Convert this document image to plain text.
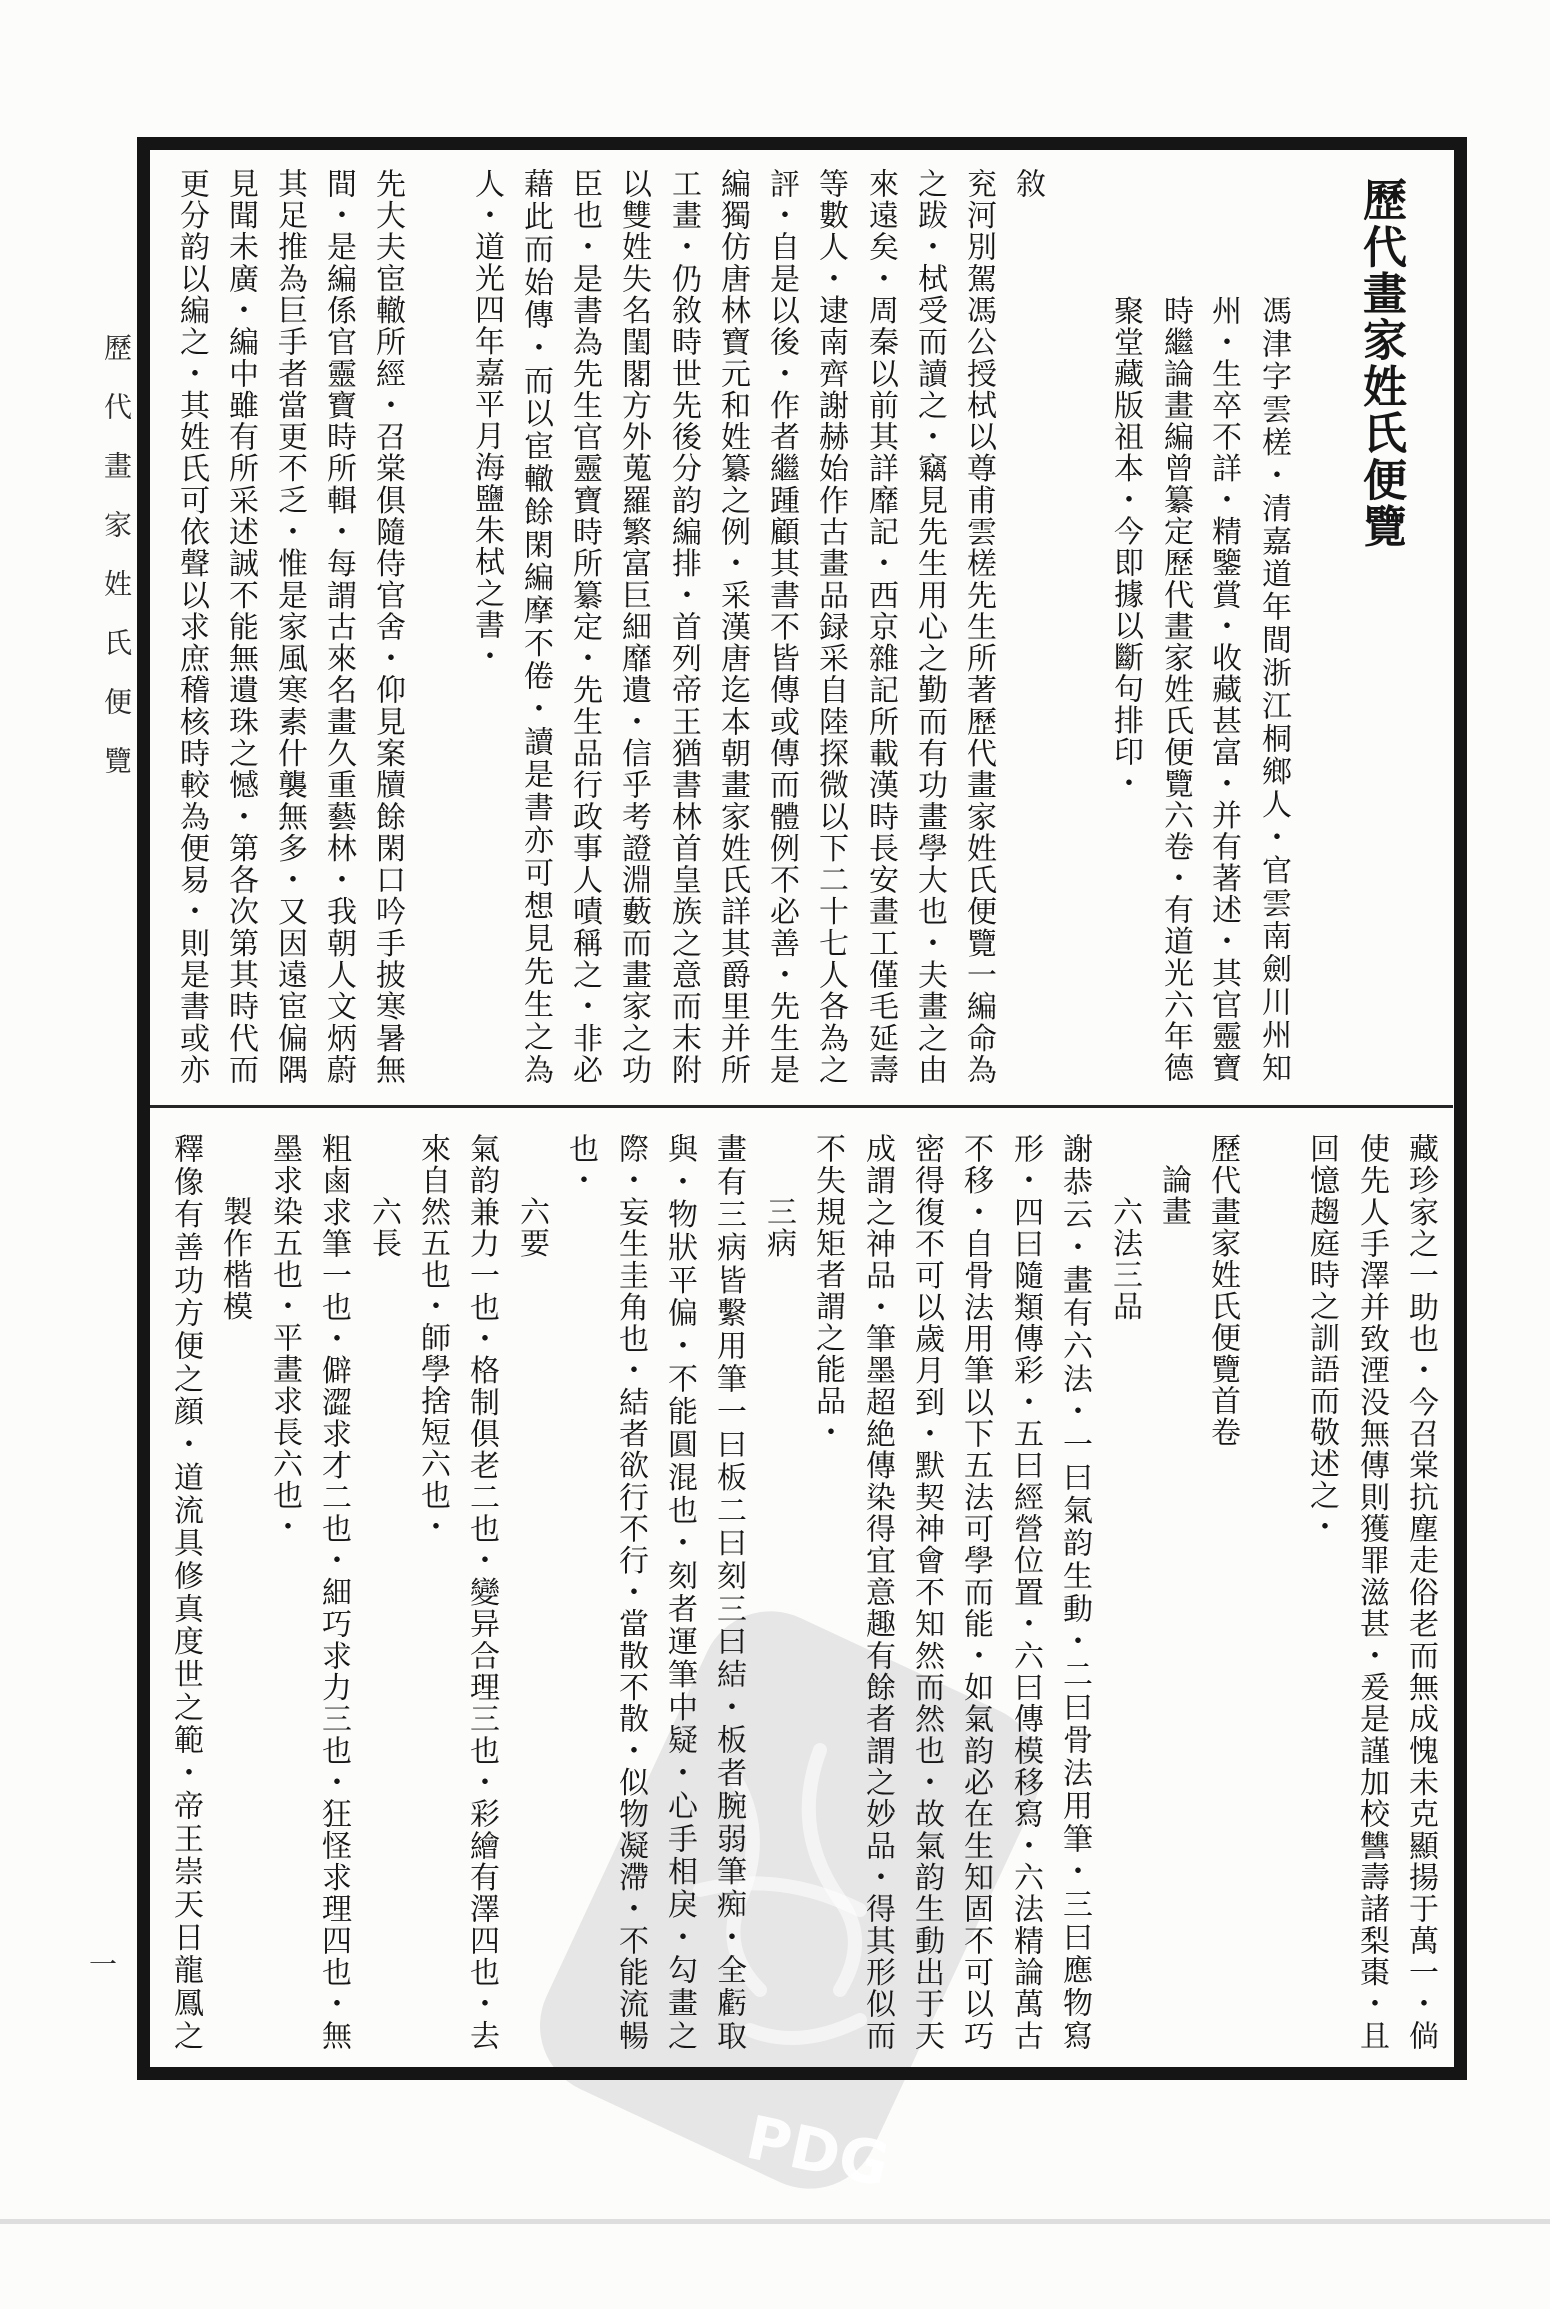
PDG
歷代畫家姓氏便覽
一
歷代畫家姓氏便覽
馮津字雲槎・清嘉道年間浙江桐鄉人・官雲南劍川州知
州・生卒不詳・精鑒賞・收藏甚富・并有著述・其官靈寶
時繼論畫編曾纂定歷代畫家姓氏便覽六卷・有道光六年德
聚堂藏版祖本・今即據以斷句排印・
敘
兖河別駕馮公授栻以尊甫雲槎先生所著歷代畫家姓氏便覽一編命為
之跋・栻受而讀之・竊見先生用心之勤而有功畫學大也・夫畫之由
來遠矣・周秦以前其詳靡記・西京雜記所載漢時長安畫工僅毛延壽
等數人・逮南齊謝赫始作古畫品録采自陸探微以下二十七人各為之
評・自是以後・作者繼踵顧其書不皆傳或傳而體例不必善・先生是
編獨仿唐林寶元和姓纂之例・采漢唐迄本朝畫家姓氏詳其爵里并所
工畫・仍敘時世先後分韵編排・首列帝王猶書林首皇族之意而末附
以雙姓失名閨閣方外蒐羅繁富巨細靡遺・信乎考證淵藪而畫家之功
臣也・是書為先生官靈寶時所纂定・先生品行政事人嘖稱之・非必
藉此而始傳・而以宦轍餘閑編摩不倦・讀是書亦可想見先生之為
人・道光四年嘉平月海鹽朱栻之書・
先大夫宦轍所經・召棠俱隨侍官舍・仰見案牘餘閑口吟手披寒暑無
間・是編係官靈寶時所輯・每謂古來名畫久重藝林・我朝人文炳蔚
其足推為巨手者當更不乏・惟是家風寒素什襲無多・又因遠宦偏隅
見聞未廣・編中雖有所采述誠不能無遺珠之憾・第各次第其時代而
更分韵以編之・其姓氏可依聲以求庶稽核時較為便易・則是書或亦
藏珍家之一助也・今召棠抗塵走俗老而無成愧未克顯揚于萬一・倘
使先人手澤并致湮没無傳則獲罪滋甚・爰是謹加校讐壽諸梨棗・且
回憶趨庭時之訓語而敬述之・
歷代畫家姓氏便覽首卷
論畫
六法三品
謝恭云・畫有六法・一曰氣韵生動・二曰骨法用筆・三曰應物寫
形・四曰隨類傳彩・五曰經營位置・六曰傳模移寫・六法精論萬古
不移・自骨法用筆以下五法可學而能・如氣韵必在生知固不可以巧
密得復不可以歲月到・默契神會不知然而然也・故氣韵生動出于天
成謂之神品・筆墨超絶傳染得宜意趣有餘者謂之妙品・得其形似而
不失規矩者謂之能品・
三病
畫有三病皆繫用筆一曰板二曰刻三曰結・板者腕弱筆痴・全虧取
與・物狀平偏・不能圓混也・刻者運筆中疑・心手相戾・勾畫之
際・妄生圭角也・結者欲行不行・當散不散・似物凝滯・不能流暢
也・
六要
氣韵兼力一也・格制俱老二也・變异合理三也・彩繪有澤四也・去
來自然五也・師學捨短六也・
六長
粗鹵求筆一也・僻澀求才二也・細巧求力三也・狂怪求理四也・無
墨求染五也・平畫求長六也・
製作楷模
釋像有善功方便之顔・道流具修真度世之範・帝王崇天日龍鳳之
